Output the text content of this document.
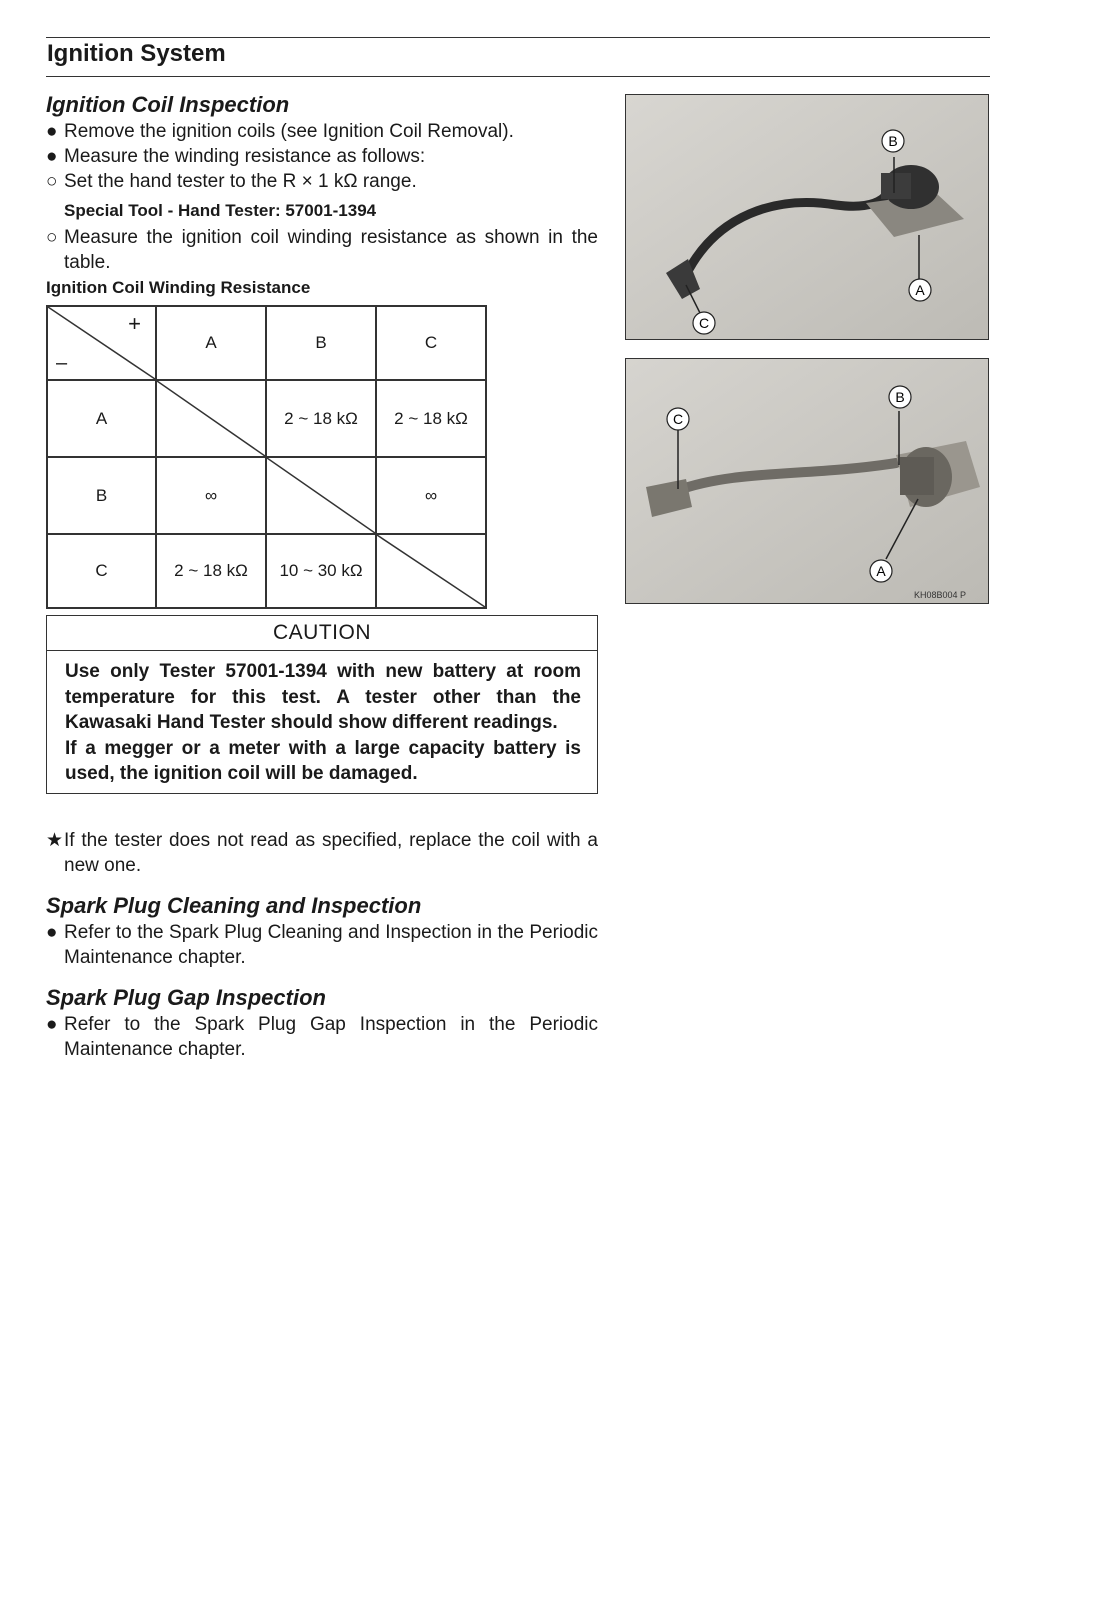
Ignition System
Ignition Coil Inspection
● Remove the ignition coils (see Ignition Coil Removal).
● Measure the winding resistance as follows:
○ Set the hand tester to the R × 1 kΩ range.
Special Tool - Hand Tester: 57001-1394
○ Measure the ignition coil winding resistance as shown in the table.
Ignition Coil Winding Resistance
+
–	A	B	C
A		2 ~ 18 kΩ	2 ~ 18 kΩ
B	∞		∞
C	2 ~ 18 kΩ	10 ~ 30 kΩ	
CAUTION

Use only Tester 57001-1394 with new battery at room temperature for this test. A tester other than the Kawasaki Hand Tester should show different readings.

If a megger or a meter with a large capacity battery is used, the ignition coil will be damaged.

★ If the tester does not read as specified, replace the coil with a new one.
Spark Plug Cleaning and Inspection
● Refer to the Spark Plug Cleaning and Inspection in the Periodic Maintenance chapter.
Spark Plug Gap Inspection
● Refer to the Spark Plug Gap Inspection in the Periodic Maintenance chapter.
B
A
C
B
C
A
KH08B004 P
